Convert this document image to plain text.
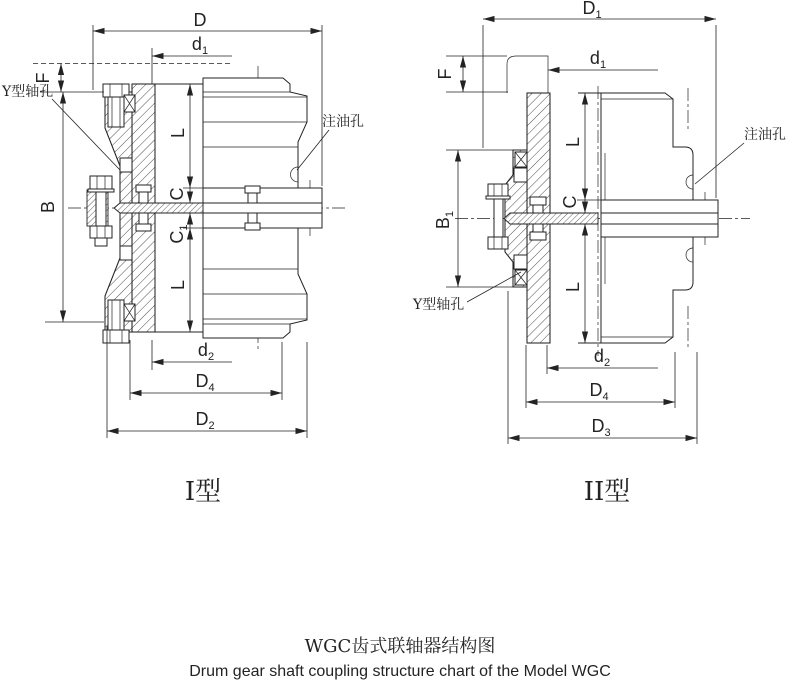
D
$d_1$
F
B
L
C
$C_1$
L
$d_2$
$D_4$
$D_2$
Y型轴孔
注油孔
I型
$D_1$
$d_1$
F
$B_1$
L
C
L
$d_2$
$D_4$
$D_3$
Y型轴孔
注油孔
II型
WGC齿式联轴器结构图
Drum gear shaft coupling structure chart of the Model WGC
